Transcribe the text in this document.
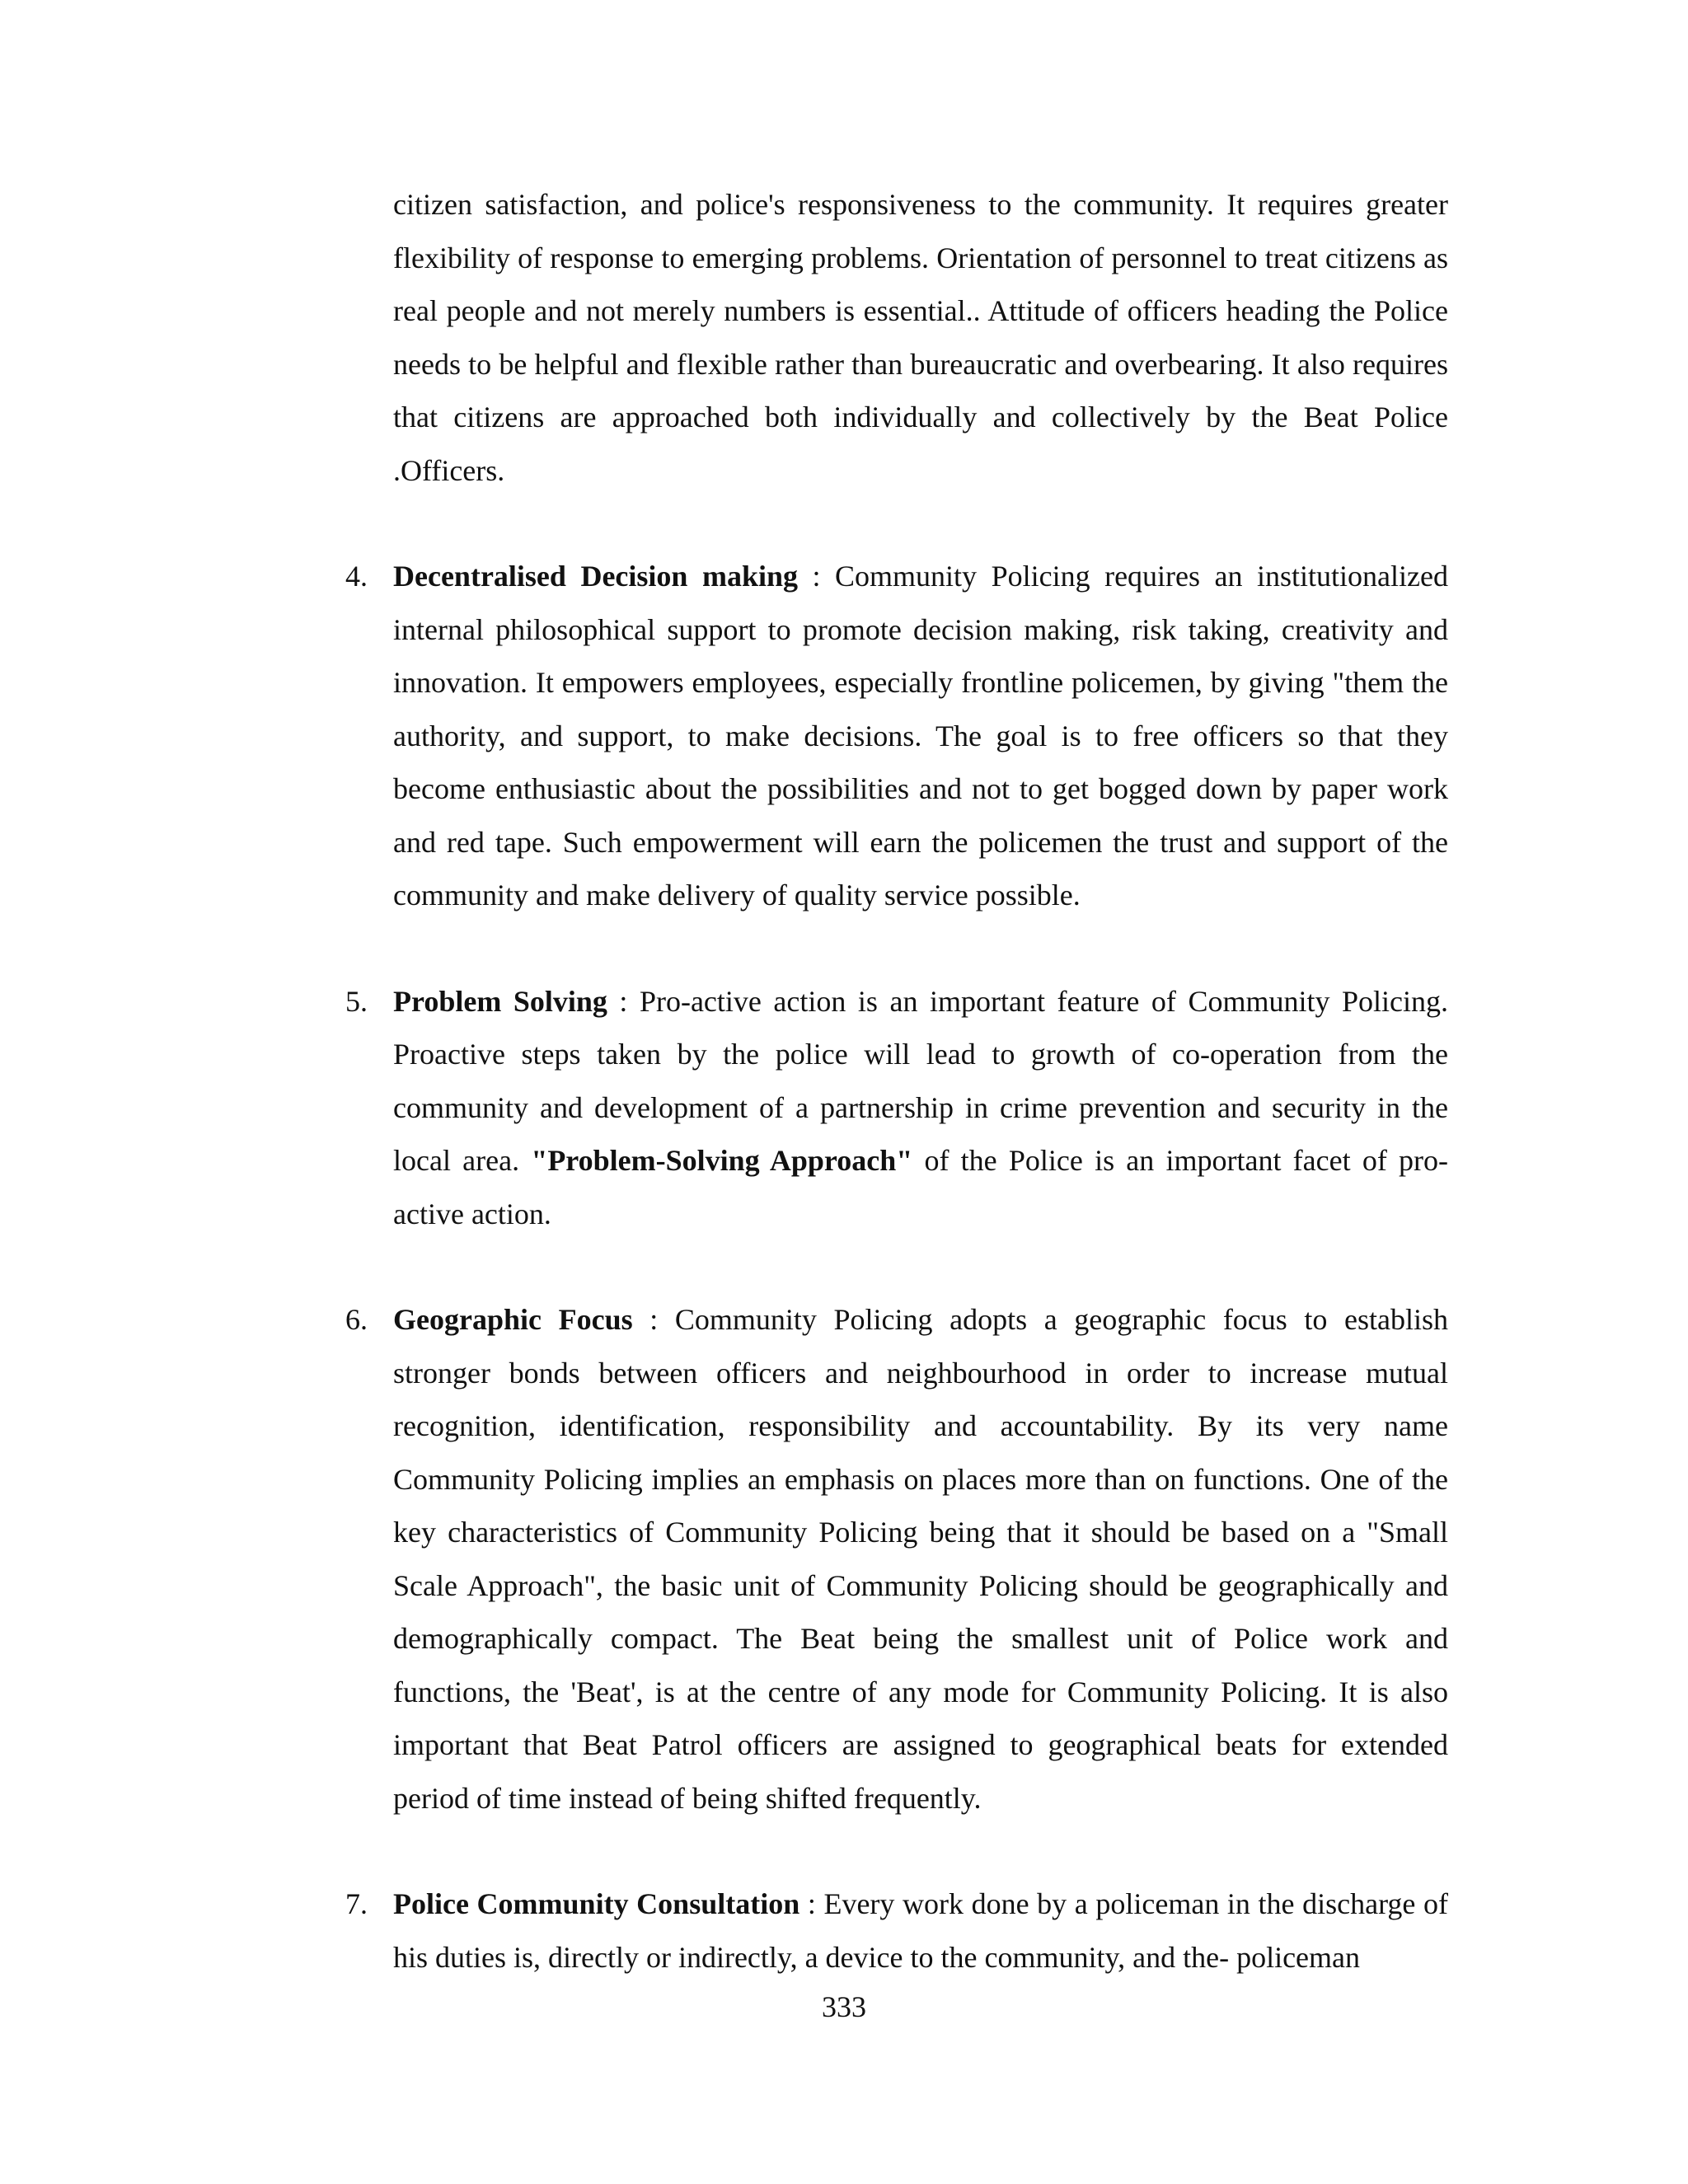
citizen satisfaction, and police's responsiveness to the community. It requires greater flexibility of response to emerging problems. Orientation of personnel to treat citizens as real people and not merely numbers is essential.. Attitude of officers heading the Police needs to be helpful and flexible rather than bureaucratic and overbearing. It also requires that citizens are approached both individually and collectively by the Beat Police .Officers.

4. Decentralised Decision making : Community Policing requires an institutionalized internal philosophical support to promote decision making, risk taking, creativity and innovation. It empowers employees, especially frontline policemen, by giving "them the authority, and support, to make decisions. The goal is to free officers so that they become enthusiastic about the possibilities and not to get bogged down by paper work and red tape. Such empowerment will earn the policemen the trust and support of the community and make delivery of quality service possible.

5. Problem Solving : Pro-active action is an important feature of Community Policing. Proactive steps taken by the police will lead to growth of co-operation from the community and development of a partnership in crime prevention and security in the local area. "Problem-Solving Approach" of the Police is an important facet of pro-active action.

6. Geographic Focus : Community Policing adopts a geographic focus to establish stronger bonds between officers and neighbourhood in order to increase mutual recognition, identification, responsibility and accountability. By its very name Community Policing implies an emphasis on places more than on functions. One of the key characteristics of Community Policing being that it should be based on a "Small Scale Approach", the basic unit of Community Policing should be geographically and demographically compact. The Beat being the smallest unit of Police work and functions, the 'Beat', is at the centre of any mode for Community Policing. It is also important that Beat Patrol officers are assigned to geographical beats for extended period of time instead of being shifted frequently.

7. Police Community Consultation : Every work done by a policeman in the discharge of his duties is, directly or indirectly, a device to the community, and the- policeman

333
